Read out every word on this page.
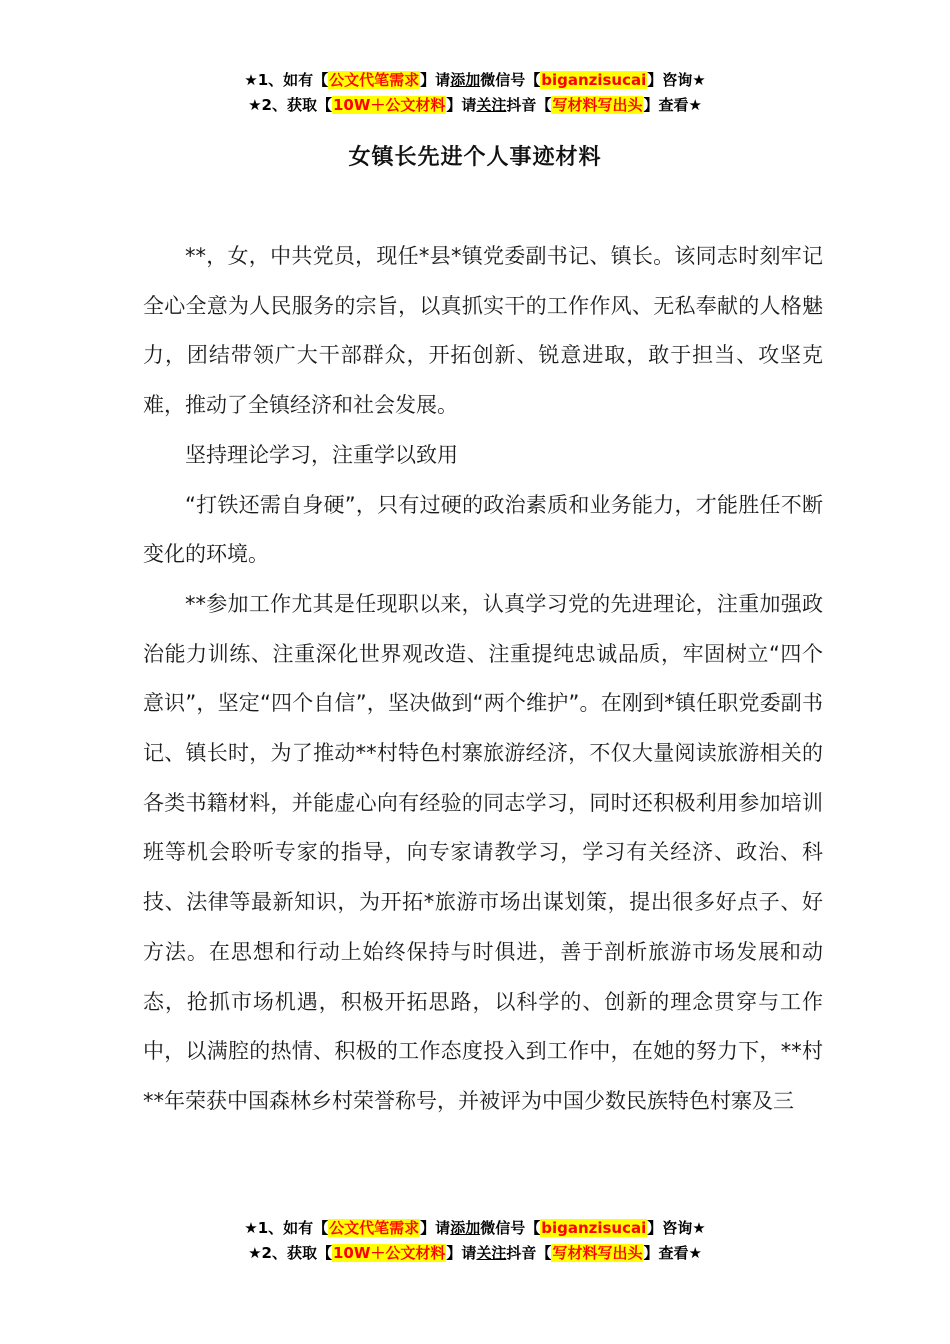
★1、如有【公文代笔需求】请添加微信号【biganzisucai】咨询★
★2、获取【10W＋公文材料】请关注抖音【写材料写出头】查看★
女镇长先进个人事迹材料

**，女，中共党员，现任*县*镇党委副书记、镇长。该同志时刻牢记全心全意为人民服务的宗旨，以真抓实干的工作作风、无私奉献的人格魅力，团结带领广大干部群众，开拓创新、锐意进取，敢于担当、攻坚克难，推动了全镇经济和社会发展。

坚持理论学习，注重学以致用

“打铁还需自身硬”，只有过硬的政治素质和业务能力，才能胜任不断变化的环境。

**参加工作尤其是任现职以来，认真学习党的先进理论，注重加强政治能力训练、注重深化世界观改造、注重提纯忠诚品质，牢固树立“四个意识”，坚定“四个自信”，坚决做到“两个维护”。在刚到*镇任职党委副书记、镇长时，为了推动**村特色村寨旅游经济，不仅大量阅读旅游相关的各类书籍材料，并能虚心向有经验的同志学习，同时还积极利用参加培训班等机会聆听专家的指导，向专家请教学习，学习有关经济、政治、科技、法律等最新知识，为开拓*旅游市场出谋划策，提出很多好点子、好方法。在思想和行动上始终保持与时俱进，善于剖析旅游市场发展和动态，抢抓市场机遇，积极开拓思路，以科学的、创新的理念贯穿与工作中，以满腔的热情、积极的工作态度投入到工作中，在她的努力下，**村**年荣获中国森林乡村荣誉称号，并被评为中国少数民族特色村寨及三

★1、如有【公文代笔需求】请添加微信号【biganzisucai】咨询★
★2、获取【10W＋公文材料】请关注抖音【写材料写出头】查看★
